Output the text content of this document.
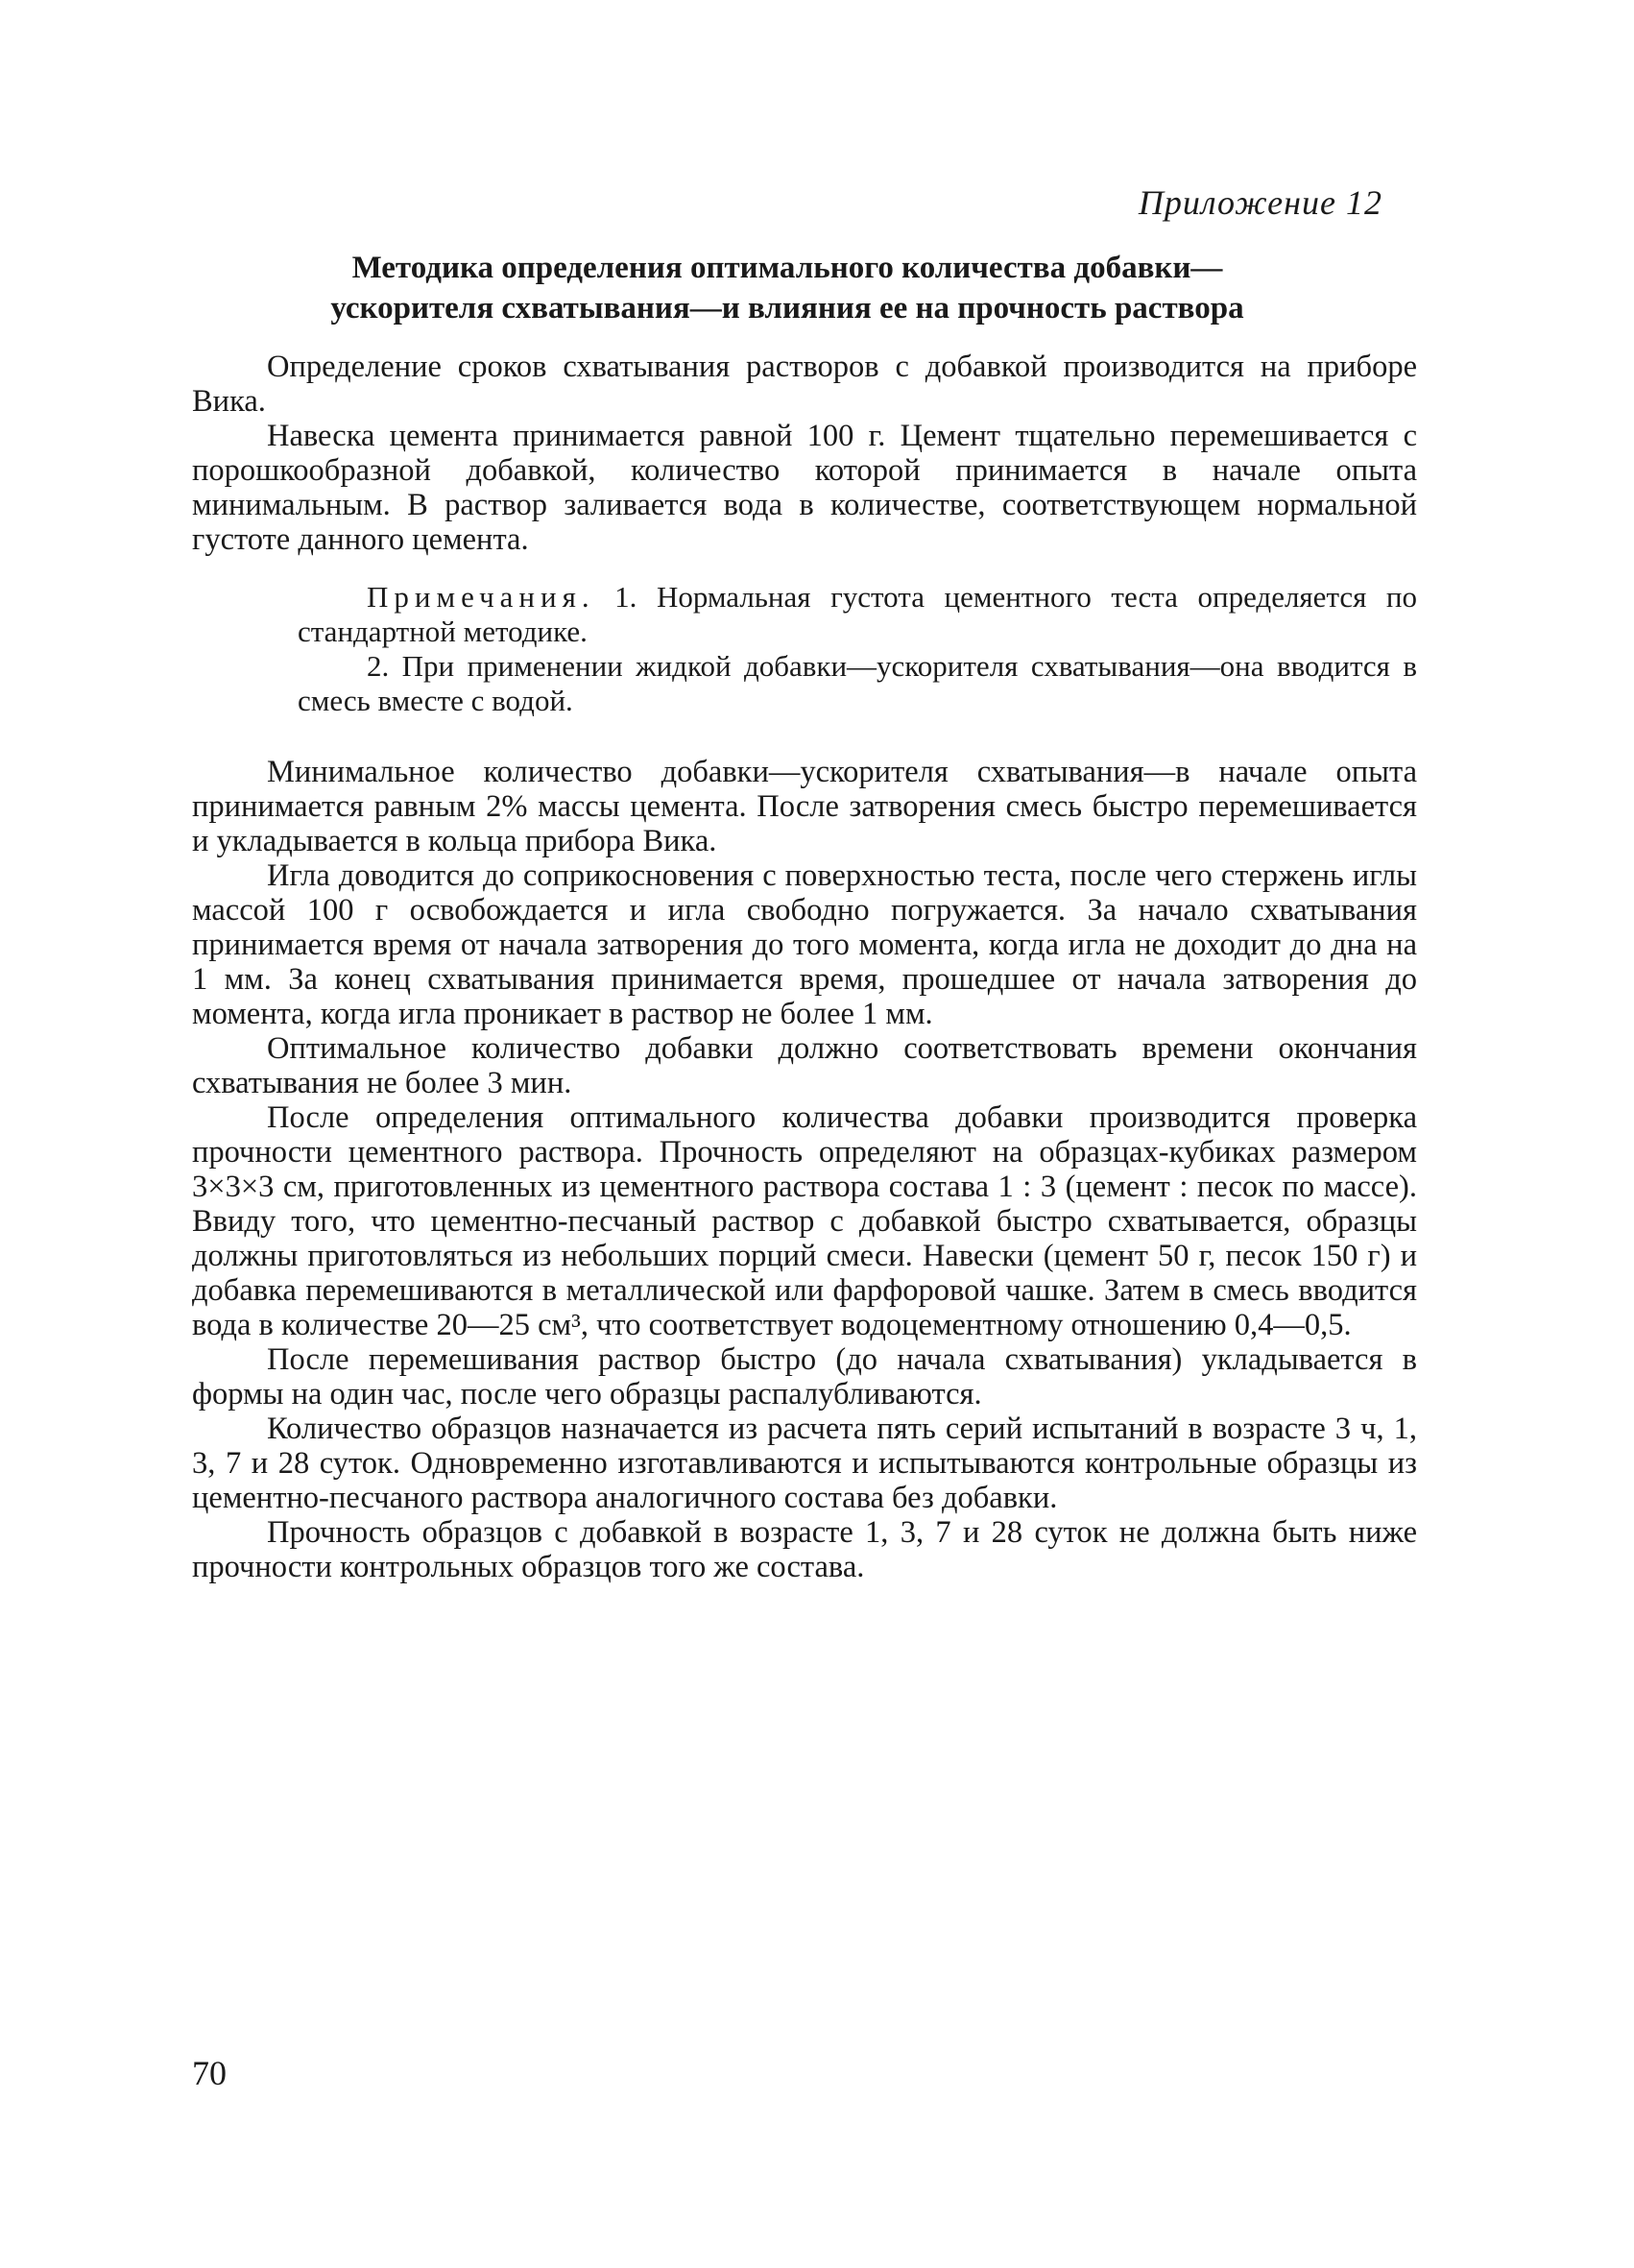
Приложение 12
Методика определения оптимального количества добавки—
ускорителя схватывания—и влияния ее на прочность раствора

Определение сроков схватывания растворов с добавкой производится на приборе Вика.

Навеска цемента принимается равной 100 г. Цемент тщательно перемешивается с порошкообразной добавкой, количество которой принимается в начале опыта минимальным. В раствор заливается вода в количестве, соответствующем нормальной густоте данного цемента.

Примечания. 1. Нормальная густота цементного теста определяется по стандартной методике.

2. При применении жидкой добавки—ускорителя схватывания—она вводится в смесь вместе с водой.

Минимальное количество добавки—ускорителя схватывания—в начале опыта принимается равным 2% массы цемента. После затворения смесь быстро перемешивается и укладывается в кольца прибора Вика.

Игла доводится до соприкосновения с поверхностью теста, после чего стержень иглы массой 100 г освобождается и игла свободно погружается. За начало схватывания принимается время от начала затворения до того момента, когда игла не доходит до дна на 1 мм. За конец схватывания принимается время, прошедшее от начала затворения до момента, когда игла проникает в раствор не более 1 мм.

Оптимальное количество добавки должно соответствовать времени окончания схватывания не более 3 мин.

После определения оптимального количества добавки производится проверка прочности цементного раствора. Прочность определяют на образцах-кубиках размером 3×3×3 см, приготовленных из цементного раствора состава 1 : 3 (цемент : песок по массе). Ввиду того, что цементно-песчаный раствор с добавкой быстро схватывается, образцы должны приготовляться из небольших порций смеси. Навески (цемент 50 г, песок 150 г) и добавка перемешиваются в металлической или фарфоровой чашке. Затем в смесь вводится вода в количестве 20—25 см³, что соответствует водоцементному отношению 0,4—0,5.

После перемешивания раствор быстро (до начала схватывания) укладывается в формы на один час, после чего образцы распалубливаются.

Количество образцов назначается из расчета пять серий испытаний в возрасте 3 ч, 1, 3, 7 и 28 суток. Одновременно изготавливаются и испытываются контрольные образцы из цементно-песчаного раствора аналогичного состава без добавки.

Прочность образцов с добавкой в возрасте 1, 3, 7 и 28 суток не должна быть ниже прочности контрольных образцов того же состава.

70
